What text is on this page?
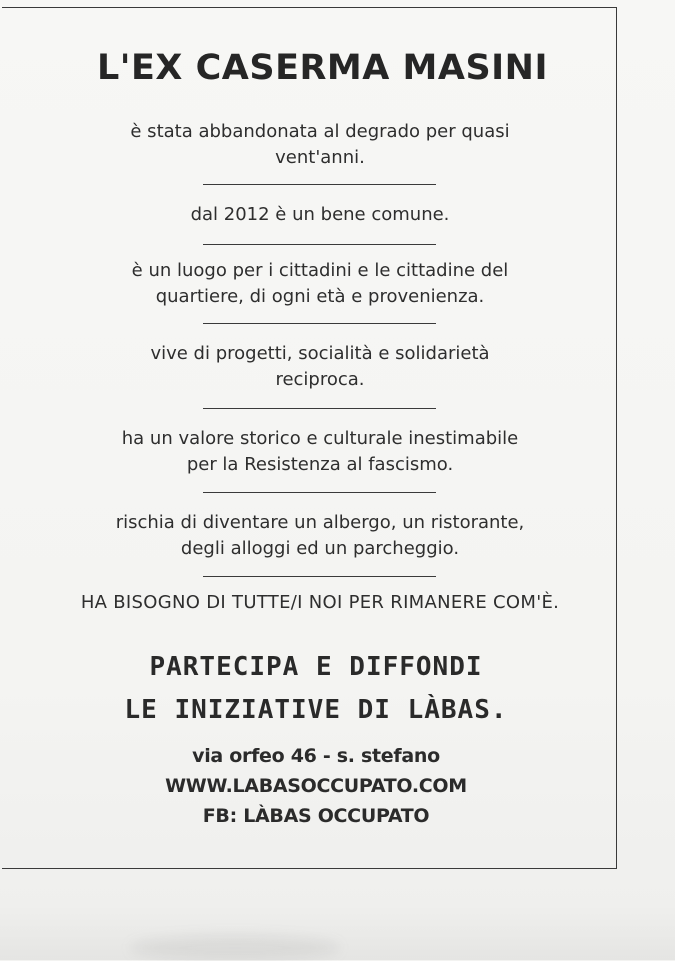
L'EX CASERMA MASINI
è stata abbandonata al degrado per quasi
vent'anni.
dal 2012 è un bene comune.
è un luogo per i cittadini e le cittadine del
quartiere, di ogni età e provenienza.
vive di progetti, socialità e solidarietà
reciproca.
ha un valore storico e culturale inestimabile
per la Resistenza al fascismo.
rischia di diventare un albergo, un ristorante,
degli alloggi ed un parcheggio.
HA BISOGNO DI TUTTE/I NOI PER RIMANERE COM'È.
PARTECIPA E DIFFONDI
LE INIZIATIVE DI LÀBAS.
via orfeo 46 - s. stefano
WWW.LABASOCCUPATO.COM
FB: LÀBAS OCCUPATO
